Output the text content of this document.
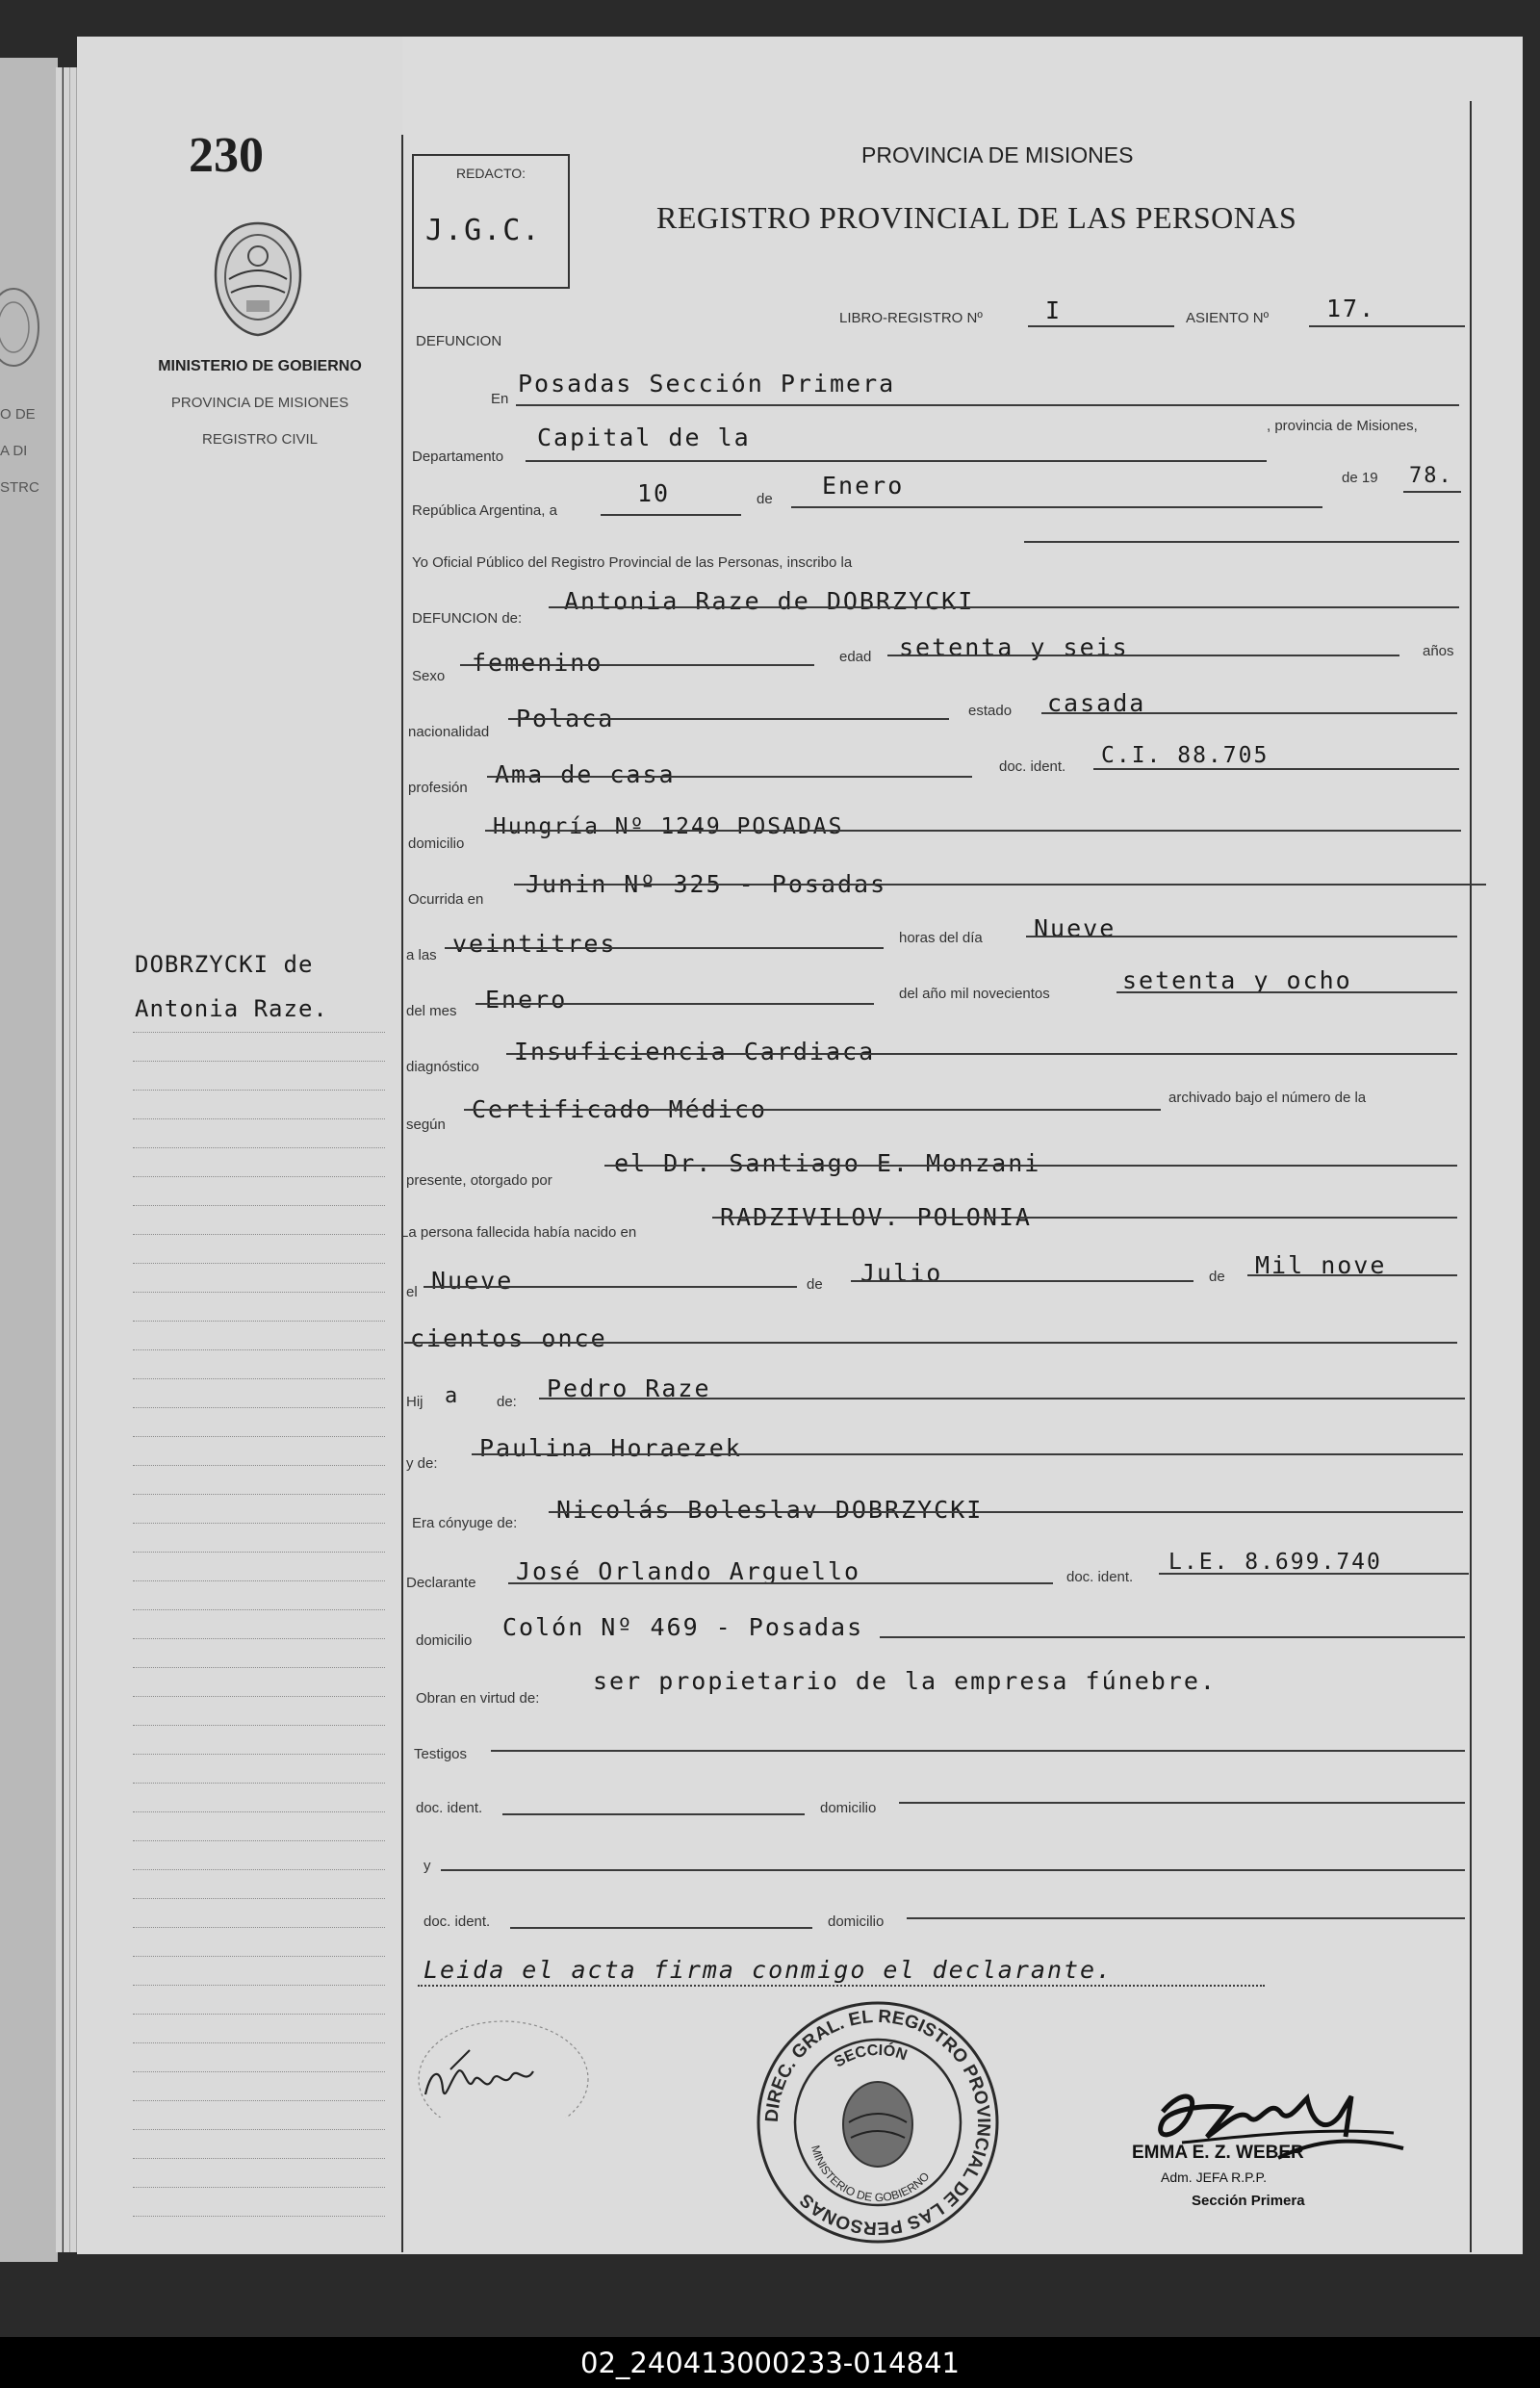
O DE
A DI
STRC
230
MINISTERIO DE GOBIERNO
PROVINCIA DE MISIONES
REGISTRO CIVIL
DOBRZYCKI de
Antonia Raze.
REDACTO:
J.G.C.
PROVINCIA DE MISIONES
REGISTRO PROVINCIAL DE LAS PERSONAS
DEFUNCION
LIBRO-REGISTRO Nº	I	ASIENTO Nº 17.
En
Posadas Sección Primera
Departamento
Capital de la	, provincia de Misiones,
República Argentina, a
10	de Enero	de 19 78.
Yo Oficial Público del Registro Provincial de las Personas, inscribo la
DEFUNCION de:
Antonia Raze de DOBRZYCKI
Sexo femenino	edad setenta y seis	años
nacionalidad Polaca	estado casada
profesión Ama de casa	doc. ident. C.I. 88.705
domicilio
Hungría Nº 1249 POSADAS
Ocurrida en
Junin Nº 325 - Posadas
a las veintitres	horas del día Nueve
del mes Enero	del año mil novecientos	setenta y ocho
diagnóstico
Insuficiencia Cardiaca
según
Certificado Médico	archivado bajo el número de la
presente, otorgado por
el Dr. Santiago E. Monzani
La persona fallecida había nacido en
RADZIVILOV. POLONIA
el Nueve	de Julio	de Mil nove
cientos once
Hij a	de: Pedro Raze
y de:
Paulina Horaezek
Era cónyuge de: Nicolás Boleslav DOBRZYCKI
Declarante José Orlando Arguello	doc. ident.
L.E. 8.699.740
domicilio Colón Nº 469 - Posadas
Obran en virtud de:
ser propietario de la empresa fúnebre.
Testigos
doc. ident.	domicilio
y
doc. ident.	domicilio
Leida el acta firma conmigo el declarante.
DIREC. GRAL. EL REGISTRO PROVINCIAL DE LAS PERSONAS
SECCIÓN
MINISTERIO DE GOBIERNO
EMMA E. Z. WEBER
Adm. JEFA R.P.P.
Sección Primera
02_240413000233-014841
